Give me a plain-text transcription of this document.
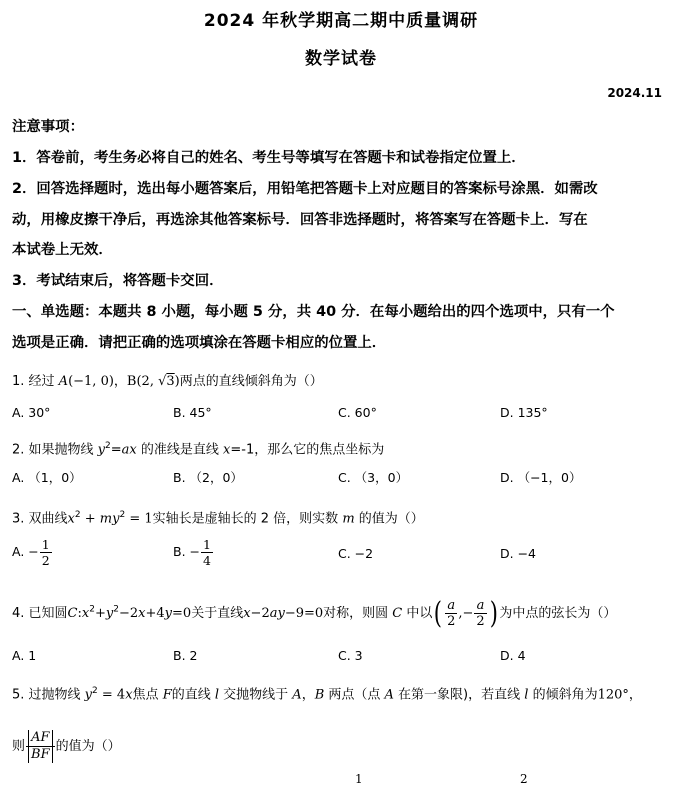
2024 年秋学期高二期中质量调研
数学试卷
2024.11
注意事项：
1．答卷前，考生务必将自己的姓名、考生号等填写在答题卡和试卷指定位置上．
2．回答选择题时，选出每小题答案后，用铅笔把答题卡上对应题目的答案标号涂黑．如需改
动，用橡皮擦干净后，再选涂其他答案标号．回答非选择题时，将答案写在答题卡上．写在
本试卷上无效．
3．考试结束后，将答题卡交回．
一、单选题：本题共 8 小题，每小题 5 分，共 40 分．在每小题给出的四个选项中，只有一个
选项是正确．请把正确的选项填涂在答题卡相应的位置上．
1. 经过 A(−1, 0)，B(2, √3)两点的直线倾斜角为（）
A. 30°	B. 45°	C. 60°	D. 135°
2. 如果抛物线 $y^2=ax$ 的准线是直线 x=-1，那么它的焦点坐标为
A. （1，0）	B. （2，0）	C. （3，0）	D. （−1，0）
3. 双曲线$x^2 + my^2 = 1$实轴长是虚轴长的 2 倍，则实数 m 的值为（）
A. − $\frac{1}{2}$	B. − $\frac{1}{4}$	C. −2	D. −4
4. 已知圆$C:x^2+y^2-2x+4y=0$关于直线x−2ay−9=0对称，则圆 C 中以( $\frac{a}{2}$ ,− $\frac{a}{2}$ ) 为中点的弦长为（）
A. 1	B. 2	C. 3	D. 4
5. 过抛物线 $y^2 = 4x$焦点 F的直线 l 交抛物线于 A，B 两点（点 A 在第一象限)，若直线 l 的倾斜角为120°，
则 $\frac{AF}{BF}$ 的值为（）
1	2
